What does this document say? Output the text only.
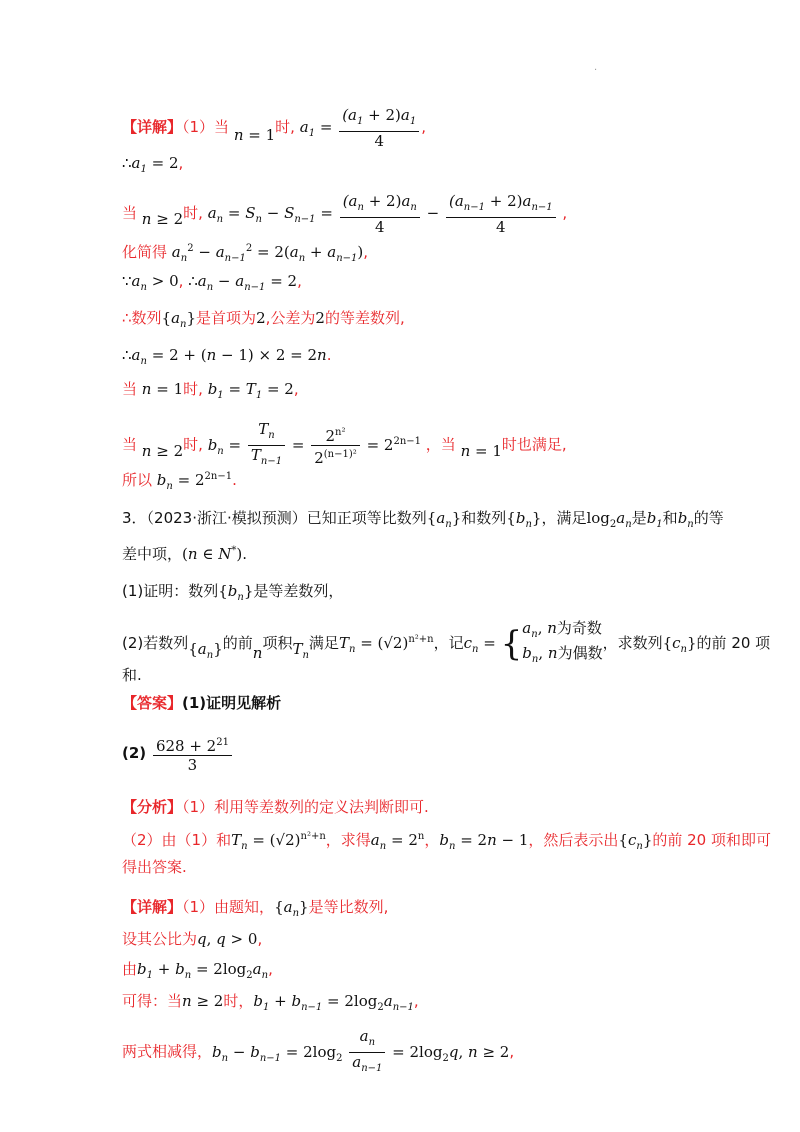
.
【详解】（1）当 n = 1时, $a_1 = \frac{(a_1 + 2)a_1}{4}$ ,
$\therefore a_1 = 2$,
当 n ≥ 2时, $a_n = S_n - S_{n-1} = \frac{(a_n + 2)a_n}{4} - \frac{(a_{n-1} + 2)a_{n-1}}{4}$ ,
化简得 $a_n^2 - a_{n-1}^2 = 2(a_n + a_{n-1})$,
$\because a_n > 0$, $\therefore a_n - a_{n-1} = 2$,
∴数列$\{a_n\}$是首项为2,公差为2的等差数列,
$\therefore a_n = 2 + (n - 1) \times 2 = 2n$.
当 n = 1时, $b_1 = T_1 = 2$,
当 n ≥ 2时, $b_n = \frac{T_n}{T_{n-1}} = \frac{2^{n^2}}{2^{(n-1)^2}} = 2^{2n-1}$ ，当 n = 1时也满足,
所以 $b_n = 2^{2n-1}$.
3．（2023·浙江·模拟预测）已知正项等比数列$\{a_n\}$和数列$\{b_n\}$，满足$\log_2a_n$是$b_1$和$b_n$的等
差中项，(n ∈ N*).
(1)证明：数列$\{b_n\}$是等差数列，
(2)若数列$\{a_n\}$的前n项积$T_n$满足$T_n = (√2)^{n^2+n}$，记$c_n = \{a_n$, n为奇数
$b_n$, n为偶数，求数列$\{c_n\}$的前 20 项
和.
【答案】(1)证明见解析
$(2) \frac{628 + 2^{21}}{3}$
【分析】（1）利用等差数列的定义法判断即可.
（2）由（1）和$T_n = (√2)^{n^2+n}$，求得$a_n = 2^n$，$b_n = 2n - 1$，然后表示出$\{c_n\}$的前 20 项和即可
得出答案.
【详解】（1）由题知，$\{a_n\}$是等比数列,
设其公比为q, q > 0,
由$b_1 + b_n = 2\log_2a_n$,
可得：当n ≥ 2时，$b_1 + b_{n-1} = 2\log_2a_{n-1}$,
两式相减得，$b_n - b_{n-1} = 2\log_2 \frac{a_n}{a_{n-1}} = 2\log_2q$, n ≥ 2,
